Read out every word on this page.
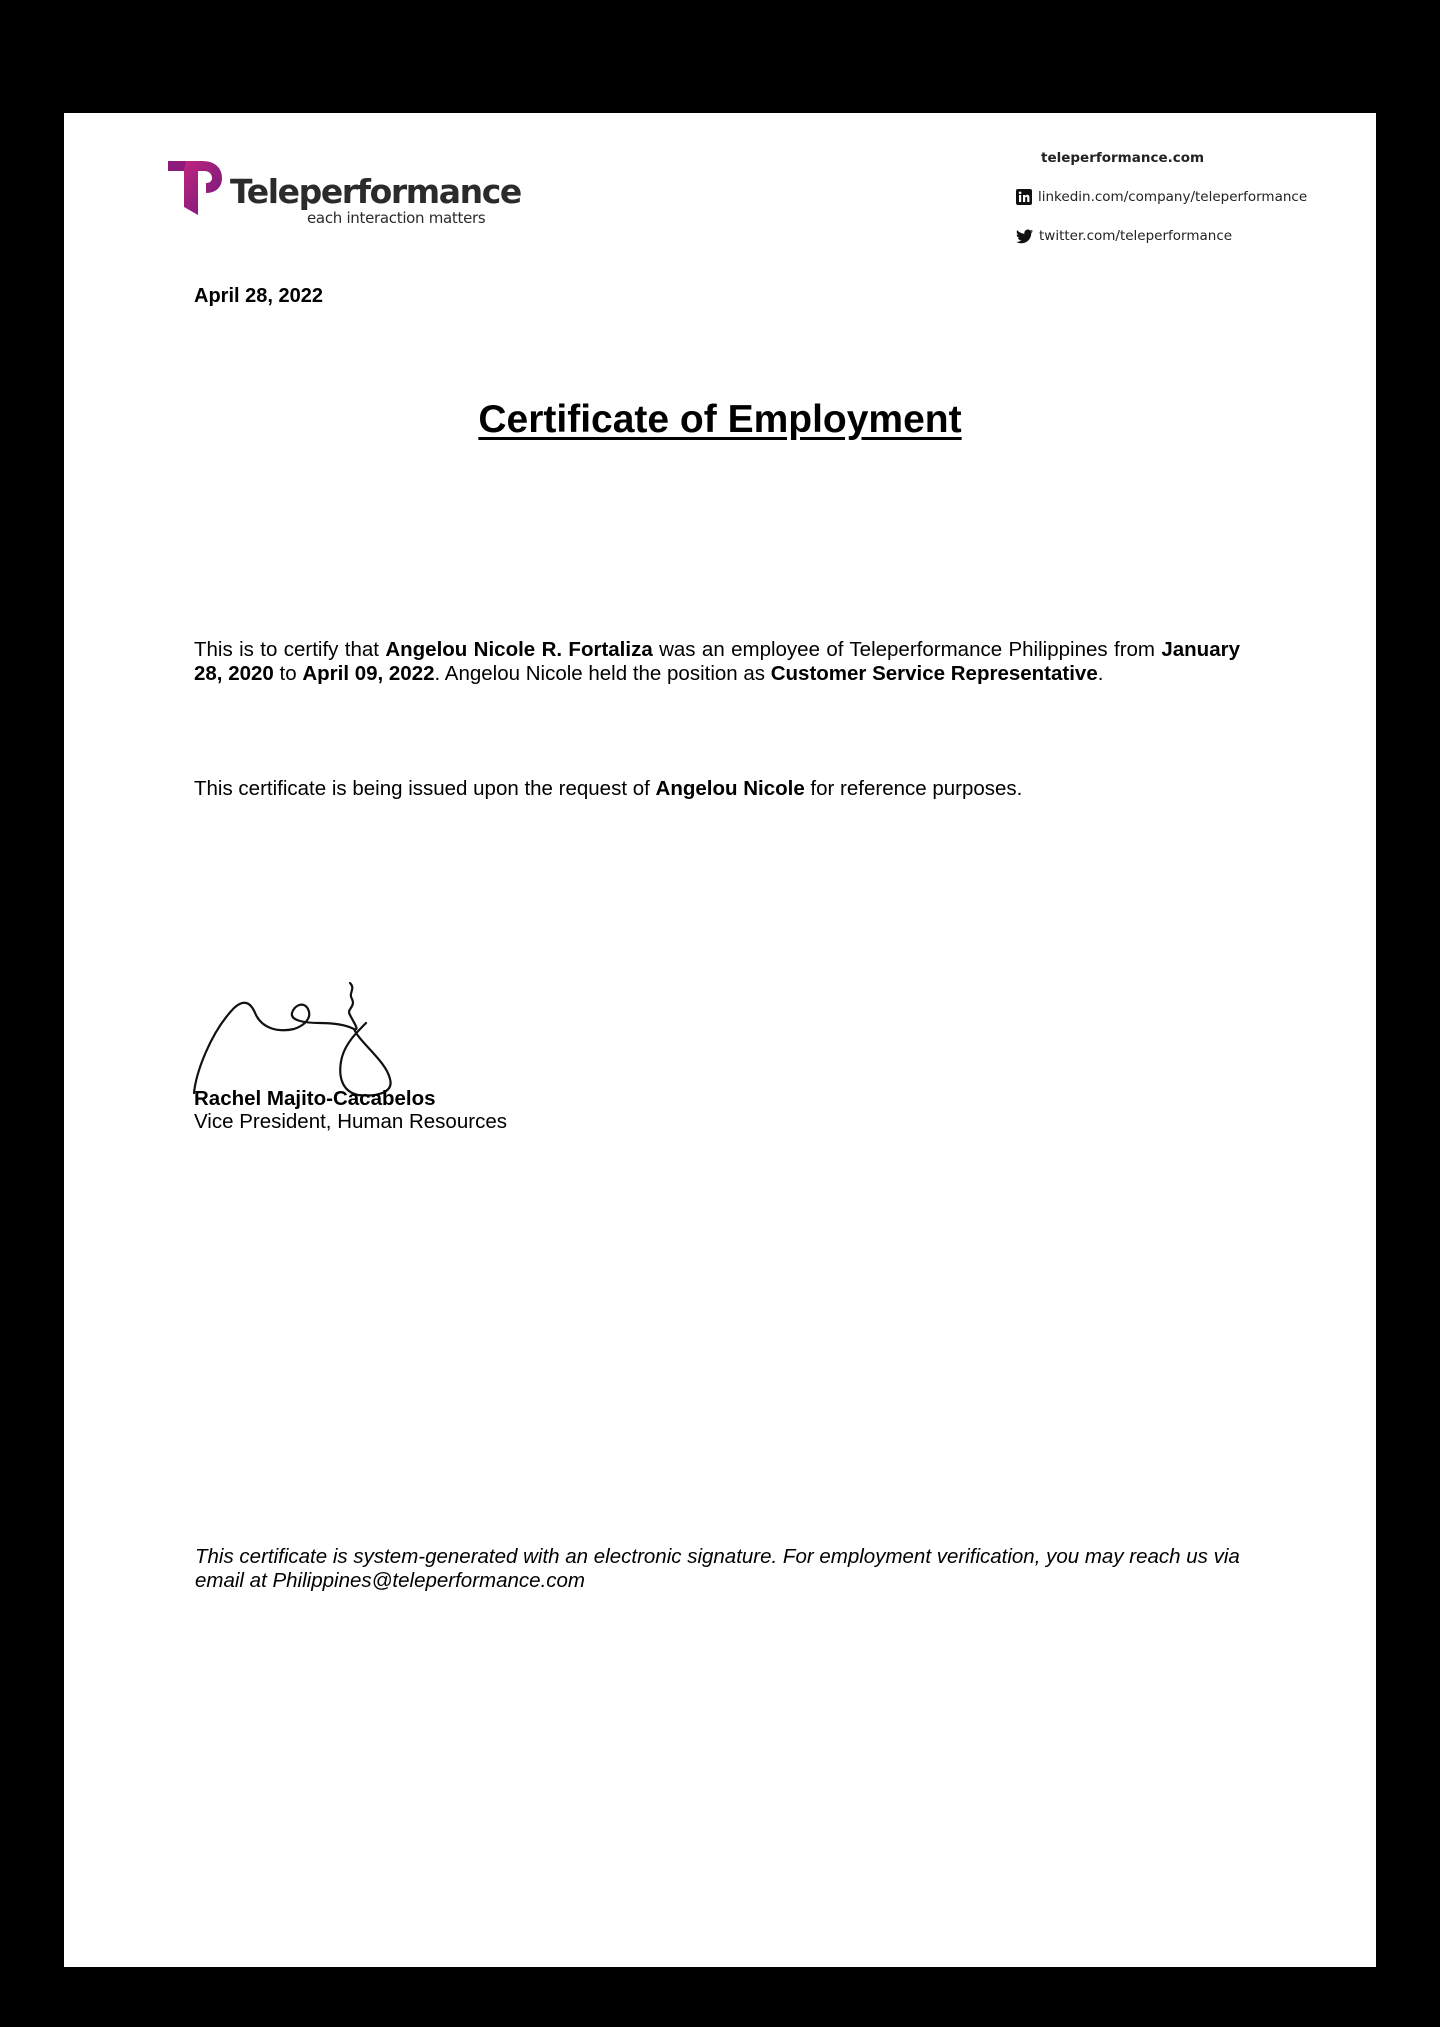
Teleperformance
each interaction matters
teleperformance.com
linkedin.com/company/teleperformance
twitter.com/teleperformance
April 28, 2022
Certificate of Employment
This is to certify that Angelou Nicole R. Fortaliza was an employee of Teleperformance Philippines from January 28, 2020 to April 09, 2022. Angelou Nicole held the position as Customer Service Representative.
This certificate is being issued upon the request of Angelou Nicole for reference purposes.
Rachel Majito-Cacabelos
Vice President, Human Resources
This certificate is system-generated with an electronic signature. For employment verification, you may reach us via email at Philippines@teleperformance.com
